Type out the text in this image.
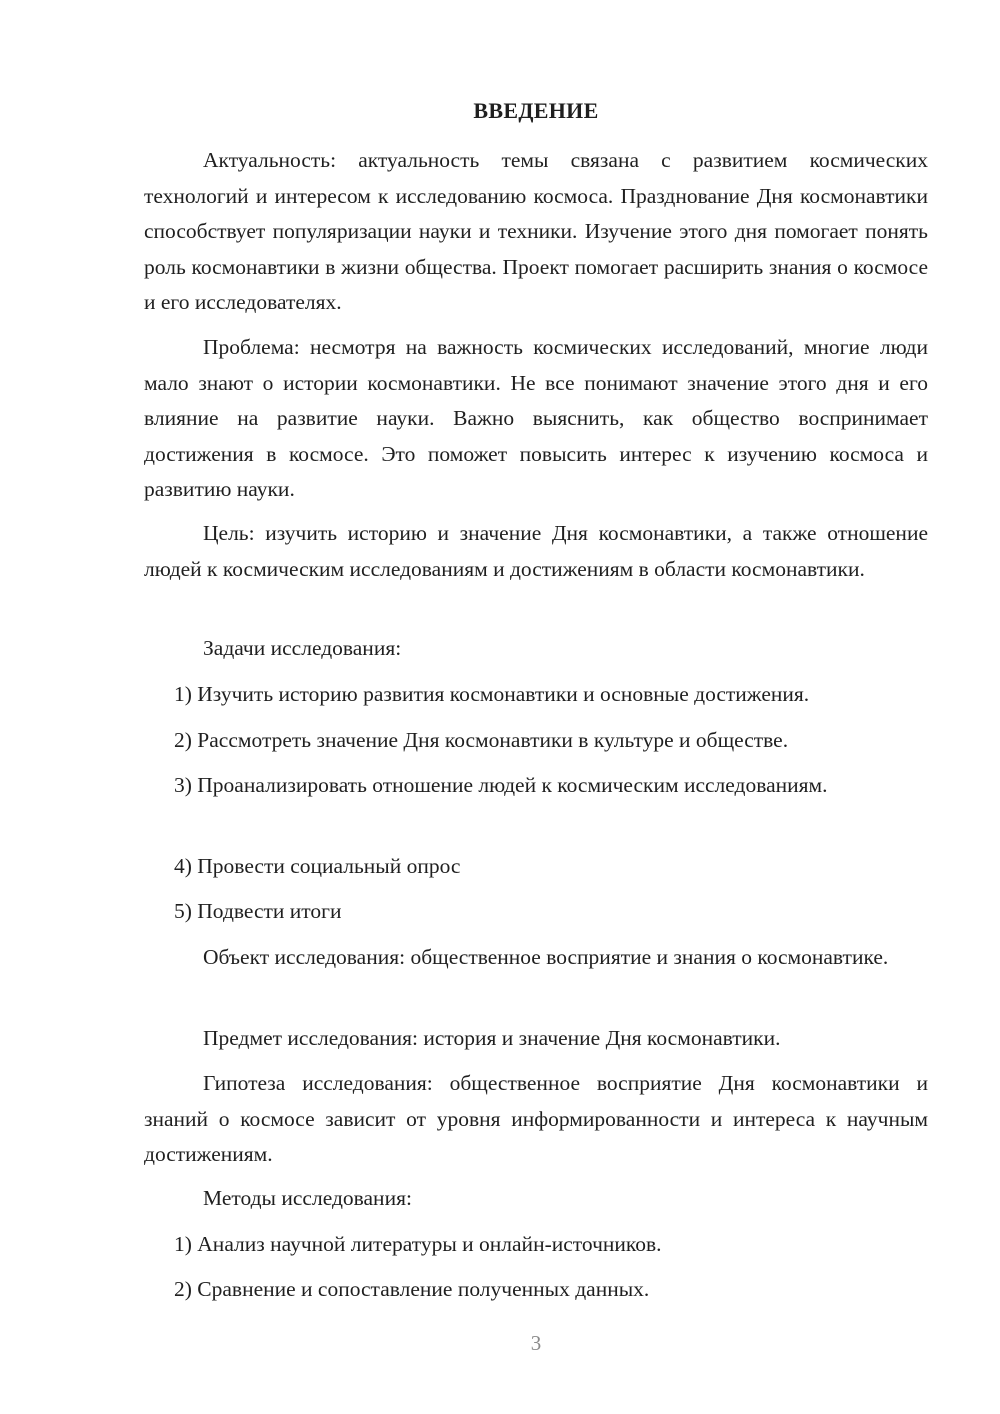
ВВЕДЕНИЕ

Актуальность: актуальность темы связана с развитием космических технологий и интересом к исследованию космоса. Празднование Дня космонавтики способствует популяризации науки и техники. Изучение этого дня помогает понять роль космонавтики в жизни общества. Проект помогает расширить знания о космосе и его исследователях.

Проблема: несмотря на важность космических исследований, многие люди мало знают о истории космонавтики. Не все понимают значение этого дня и его влияние на развитие науки. Важно выяснить, как общество воспринимает достижения в космосе. Это поможет повысить интерес к изучению космоса и развитию науки.

Цель: изучить историю и значение Дня космонавтики, а также отношение людей к космическим исследованиям и достижениям в области космонавтики.

Задачи исследования:

1) Изучить историю развития космонавтики и основные достижения.

2) Рассмотреть значение Дня космонавтики в культуре и обществе.

3) Проанализировать отношение людей к космическим исследованиям.

4) Провести социальный опрос

5) Подвести итоги

Объект исследования: общественное восприятие и знания о космонавтике.

Предмет исследования: история и значение Дня космонавтики.

Гипотеза исследования: общественное восприятие Дня космонавтики и знаний о космосе зависит от уровня информированности и интереса к научным достижениям.

Методы исследования:

1) Анализ научной литературы и онлайн-источников.

2) Сравнение и сопоставление полученных данных.

3
